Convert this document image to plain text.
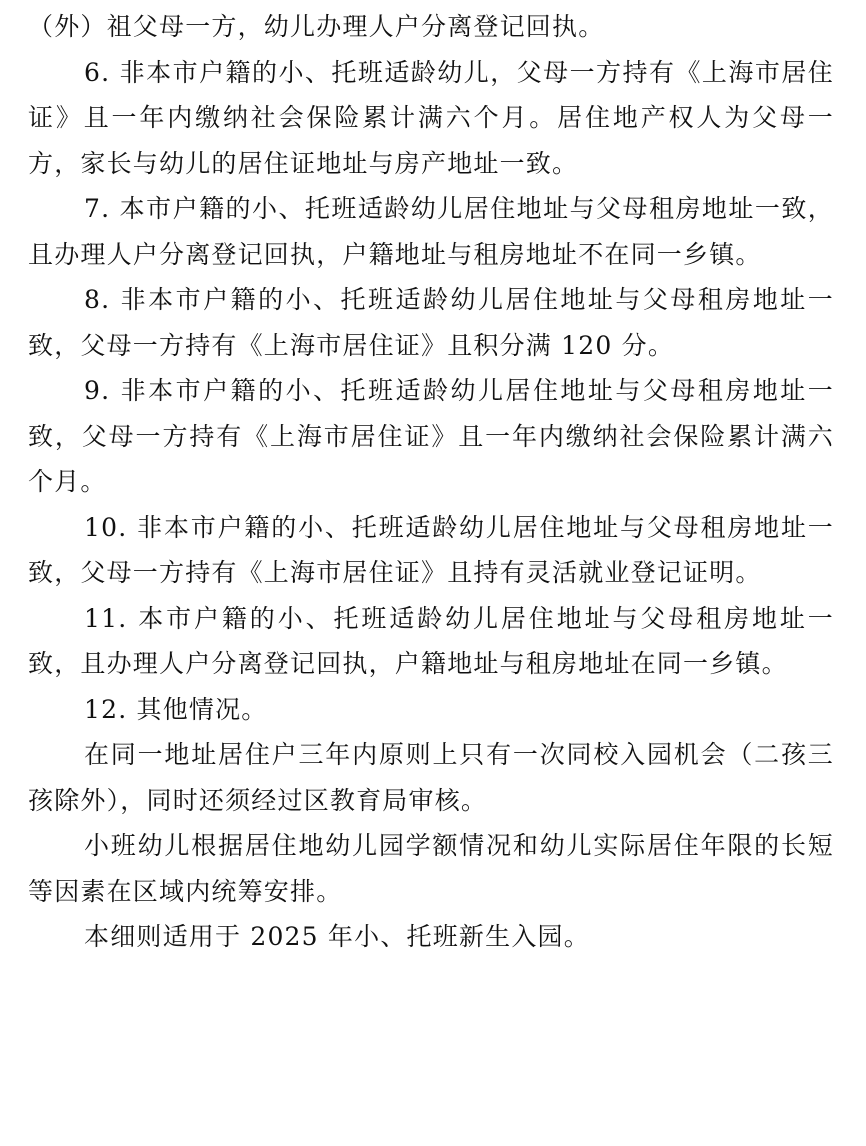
（外）祖父母一方，幼儿办理人户分离登记回执。

6. 非本市户籍的小、托班适龄幼儿，父母一方持有《上海市居住证》且一年内缴纳社会保险累计满六个月。居住地产权人为父母一方，家长与幼儿的居住证地址与房产地址一致。

7. 本市户籍的小、托班适龄幼儿居住地址与父母租房地址一致，且办理人户分离登记回执，户籍地址与租房地址不在同一乡镇。

8. 非本市户籍的小、托班适龄幼儿居住地址与父母租房地址一致，父母一方持有《上海市居住证》且积分满 120 分。

9. 非本市户籍的小、托班适龄幼儿居住地址与父母租房地址一致，父母一方持有《上海市居住证》且一年内缴纳社会保险累计满六个月。

10. 非本市户籍的小、托班适龄幼儿居住地址与父母租房地址一致，父母一方持有《上海市居住证》且持有灵活就业登记证明。

11. 本市户籍的小、托班适龄幼儿居住地址与父母租房地址一致，且办理人户分离登记回执，户籍地址与租房地址在同一乡镇。

12. 其他情况。

在同一地址居住户三年内原则上只有一次同校入园机会（二孩三孩除外），同时还须经过区教育局审核。

小班幼儿根据居住地幼儿园学额情况和幼儿实际居住年限的长短等因素在区域内统筹安排。

本细则适用于 2025 年小、托班新生入园。
